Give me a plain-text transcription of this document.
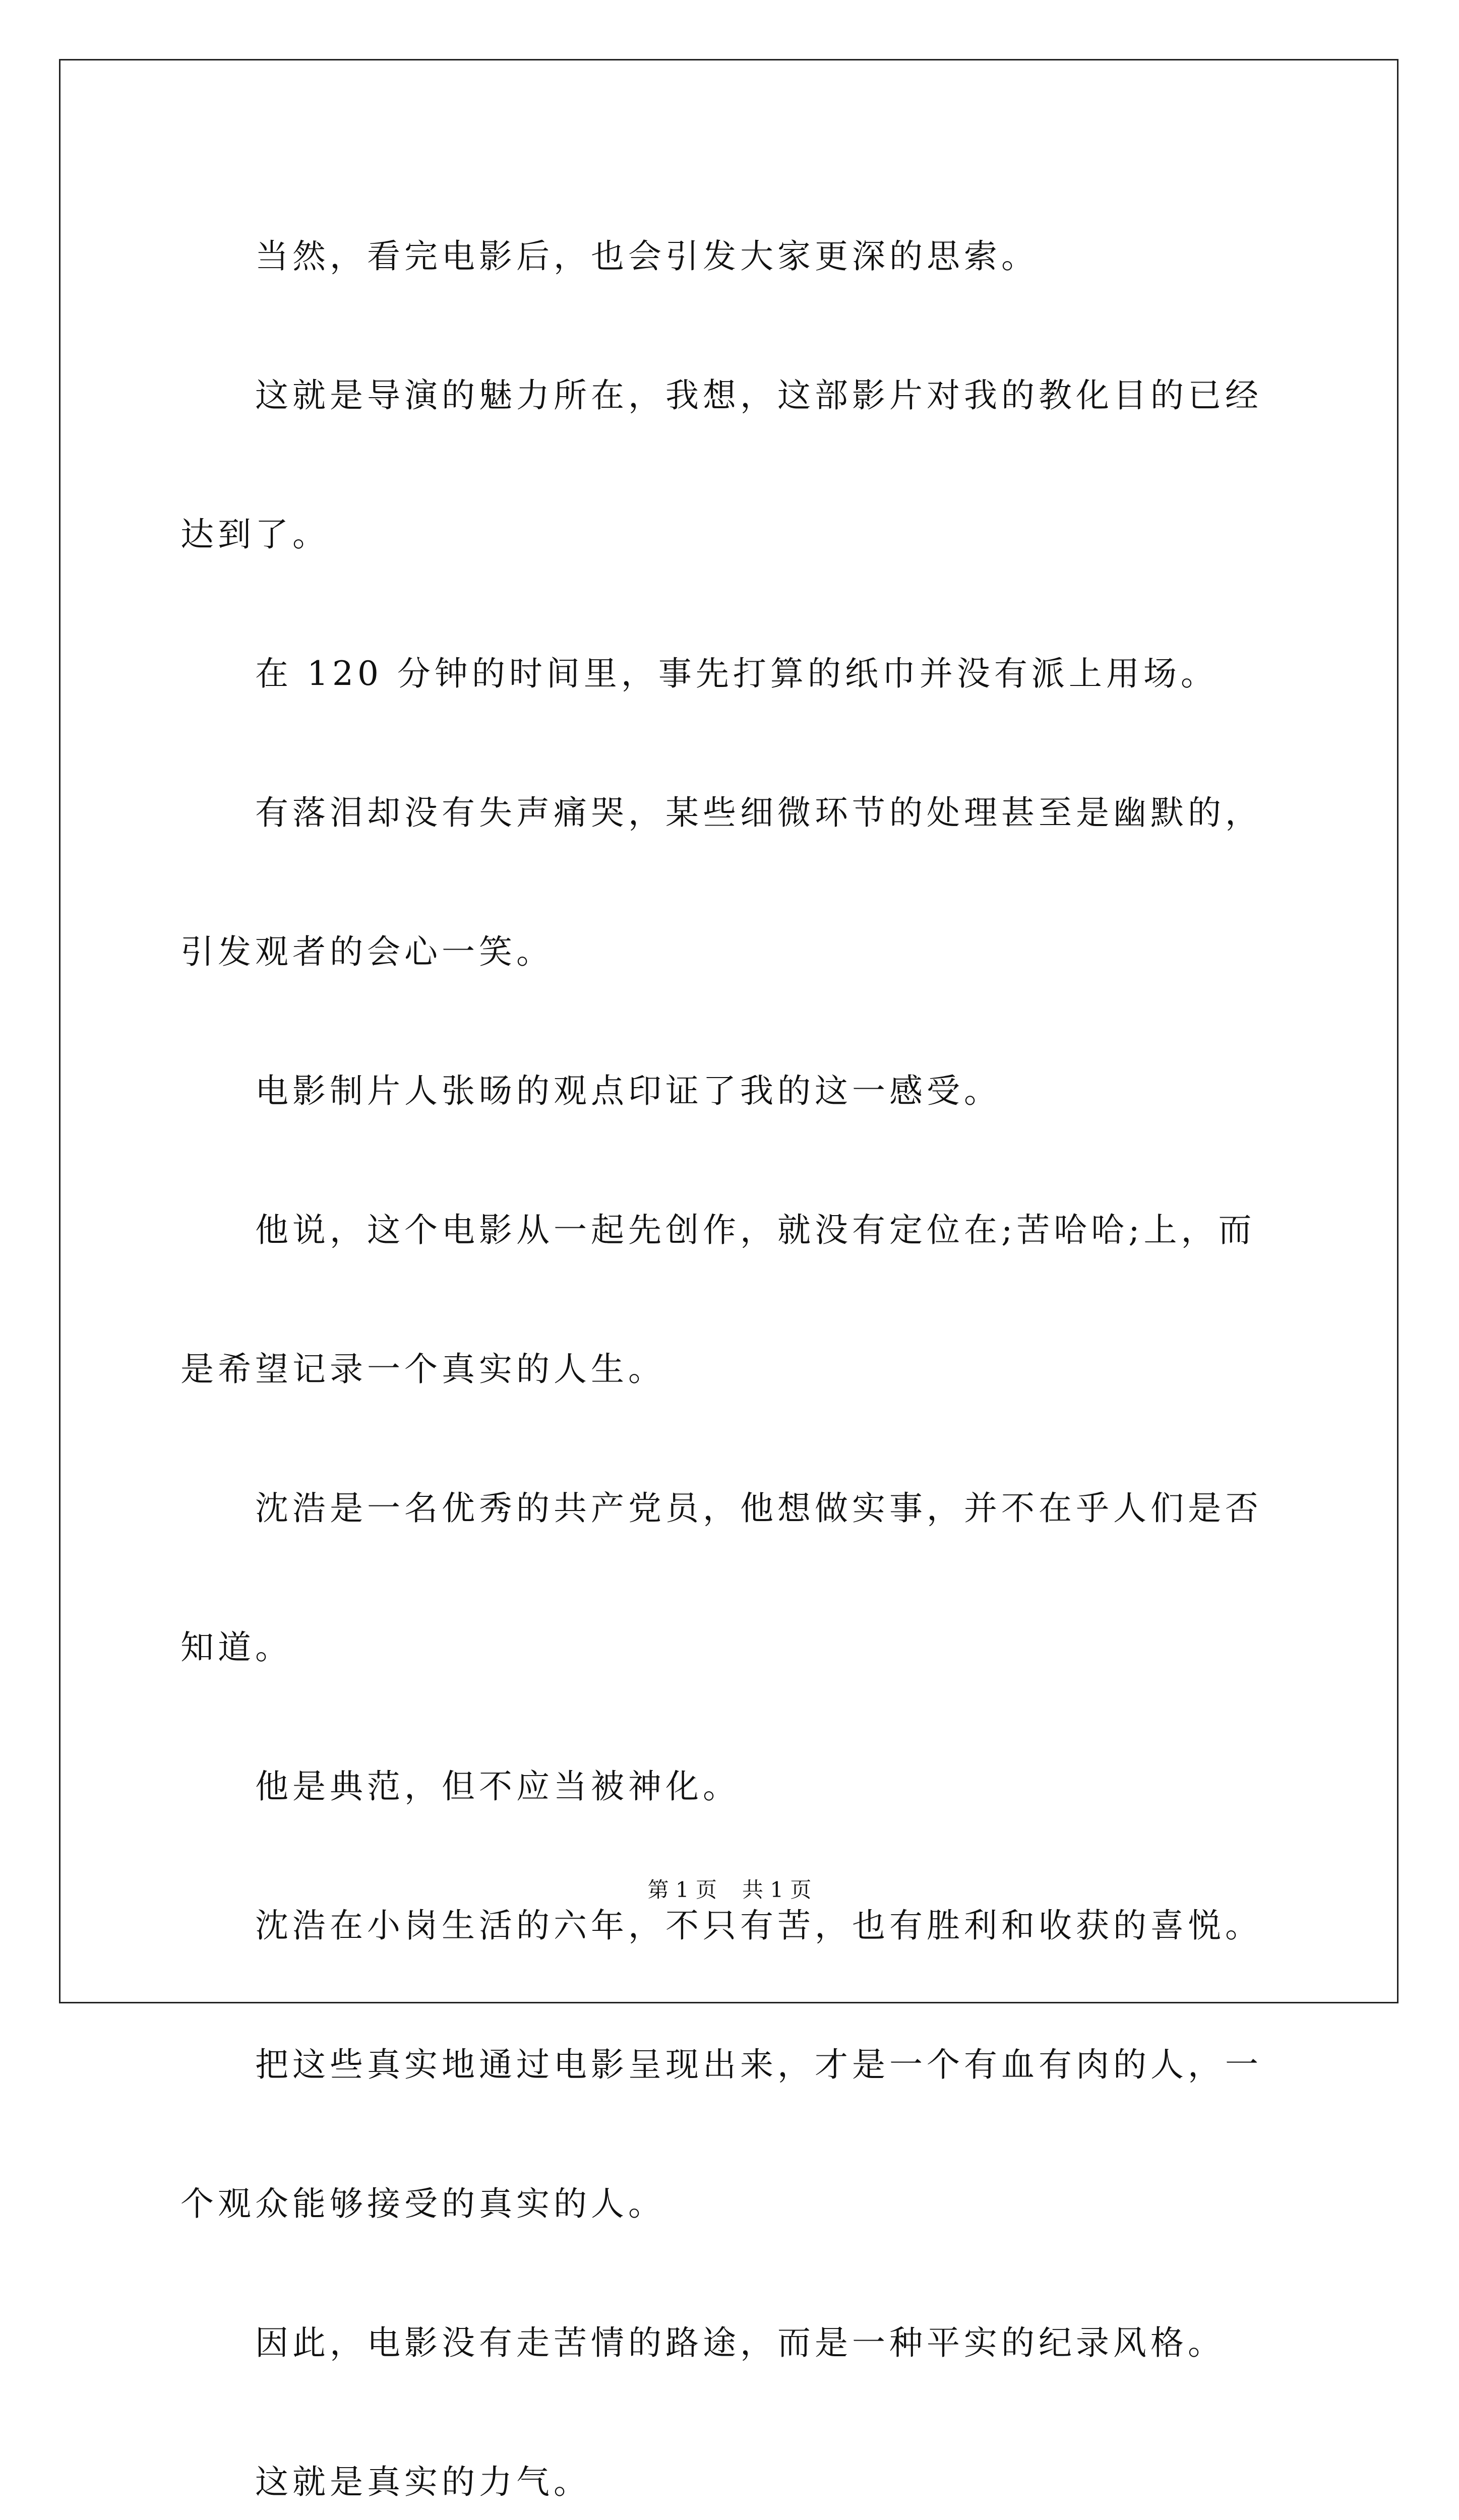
当然，看完电影后，也会引发大家更深的思索。

这就是导演的魅力所在，我想，这部影片对我的教化目的已经达到了。

在 120 分钟的时间里，事先打算的纸巾并没有派上用场。

有落泪却没有失声痛哭，某些细微环节的处理甚至是幽默的，引发观者的会心一笑。

电影制片人张旸的观点印证了我的这一感受。

他说，这个电影从一起先创作，就没有定位在;苦哈哈;上，而是希望记录一个真实的人生。

沈浩是一名优秀的共产党员，他想做实事，并不在乎人们是否知道。

他是典范，但不应当被神化。

沈浩在小岗生活的六年，不只有苦，也有胜利和收获的喜悦。

把这些真实地通过电影呈现出来，才是一个有血有肉的人，一个观众能够接受的真实的人。

因此，电影没有走苦情的路途，而是一种平实的纪录风格。

这就是真实的力气。

第 1 页 共 1 页
